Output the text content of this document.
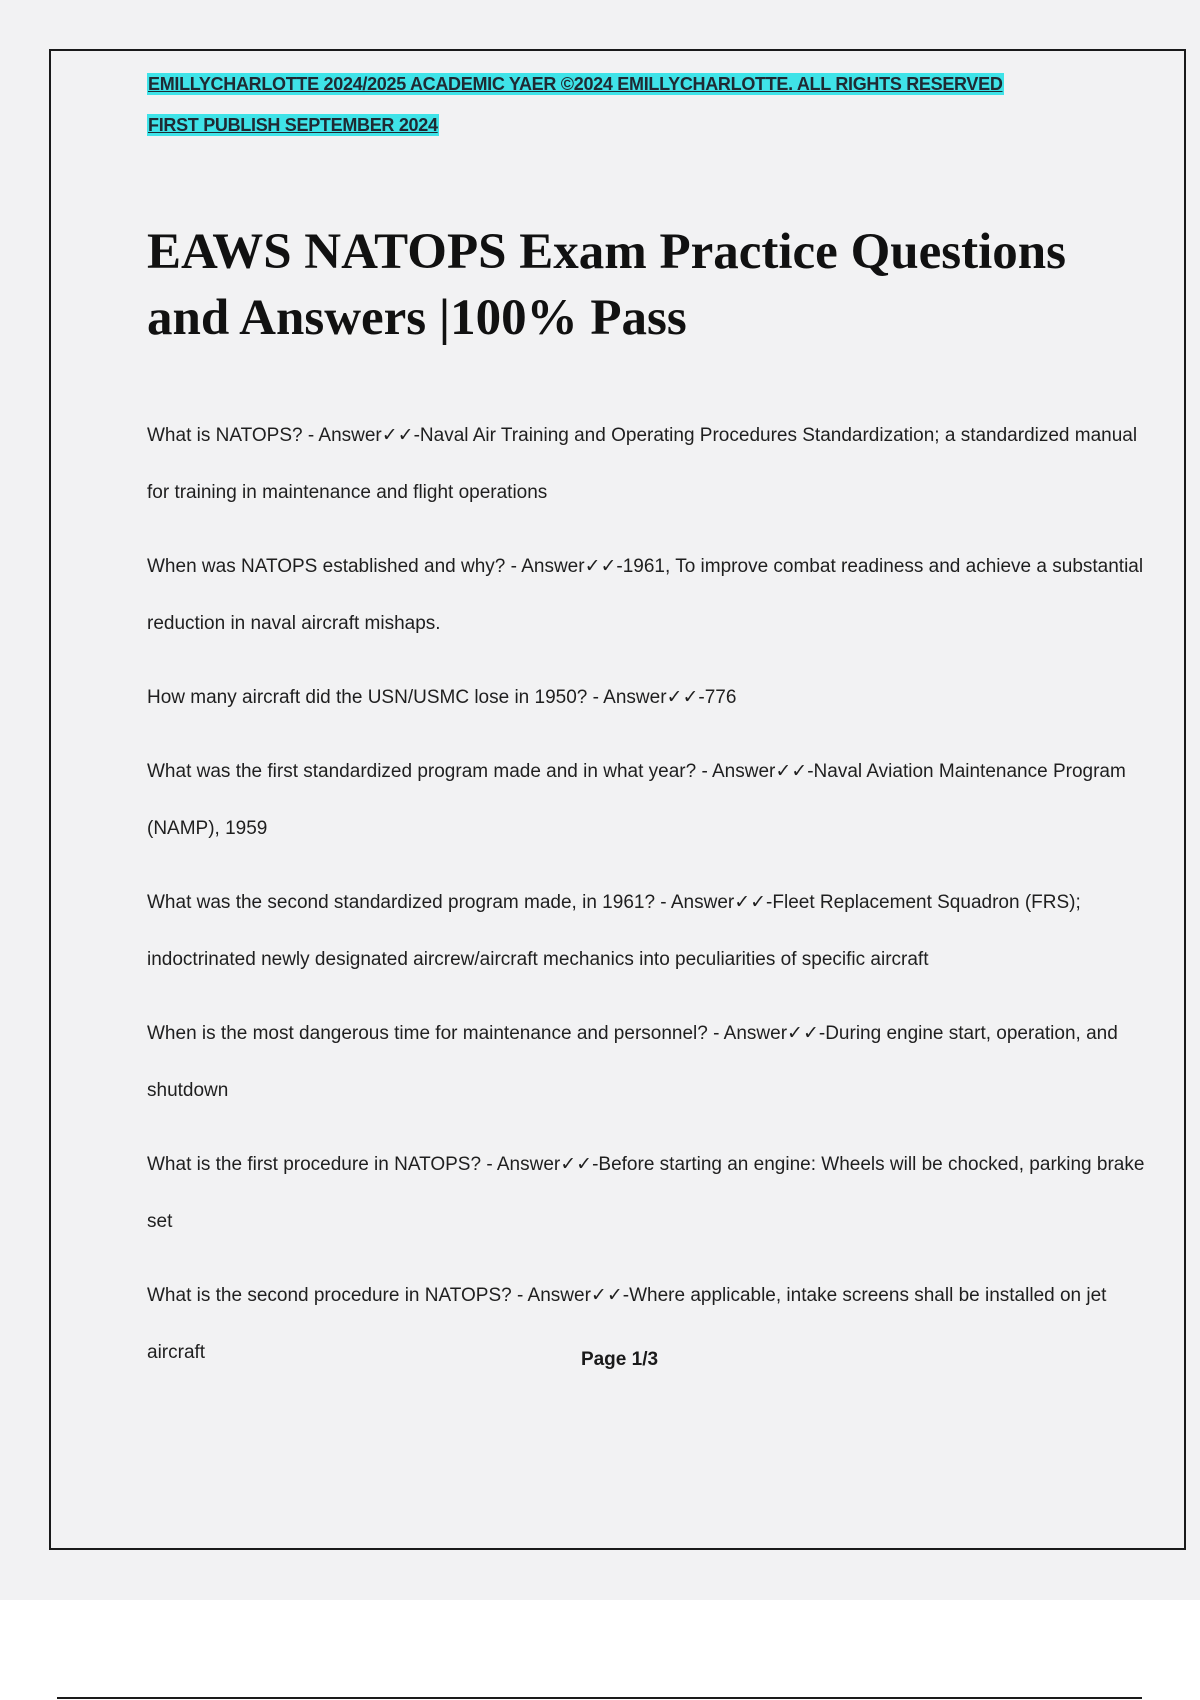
EMILLYCHARLOTTE 2024/2025 ACADEMIC YAER ©2024 EMILLYCHARLOTTE. ALL RIGHTS RESERVED
FIRST PUBLISH SEPTEMBER 2024
EAWS NATOPS Exam Practice Questions and Answers |100% Pass

What is NATOPS? - Answer✓✓-Naval Air Training and Operating Procedures Standardization; a standardized manual for training in maintenance and flight operations

When was NATOPS established and why? - Answer✓✓-1961, To improve combat readiness and achieve a substantial reduction in naval aircraft mishaps.

How many aircraft did the USN/USMC lose in 1950? - Answer✓✓-776

What was the first standardized program made and in what year? - Answer✓✓-Naval Aviation Maintenance Program (NAMP), 1959

What was the second standardized program made, in 1961? - Answer✓✓-Fleet Replacement Squadron (FRS); indoctrinated newly designated aircrew/aircraft mechanics into peculiarities of specific aircraft

When is the most dangerous time for maintenance and personnel? - Answer✓✓-During engine start, operation, and shutdown

What is the first procedure in NATOPS? - Answer✓✓-Before starting an engine: Wheels will be chocked, parking brake set

What is the second procedure in NATOPS? - Answer✓✓-Where applicable, intake screens shall be installed on jet aircraft	Page 1/3
